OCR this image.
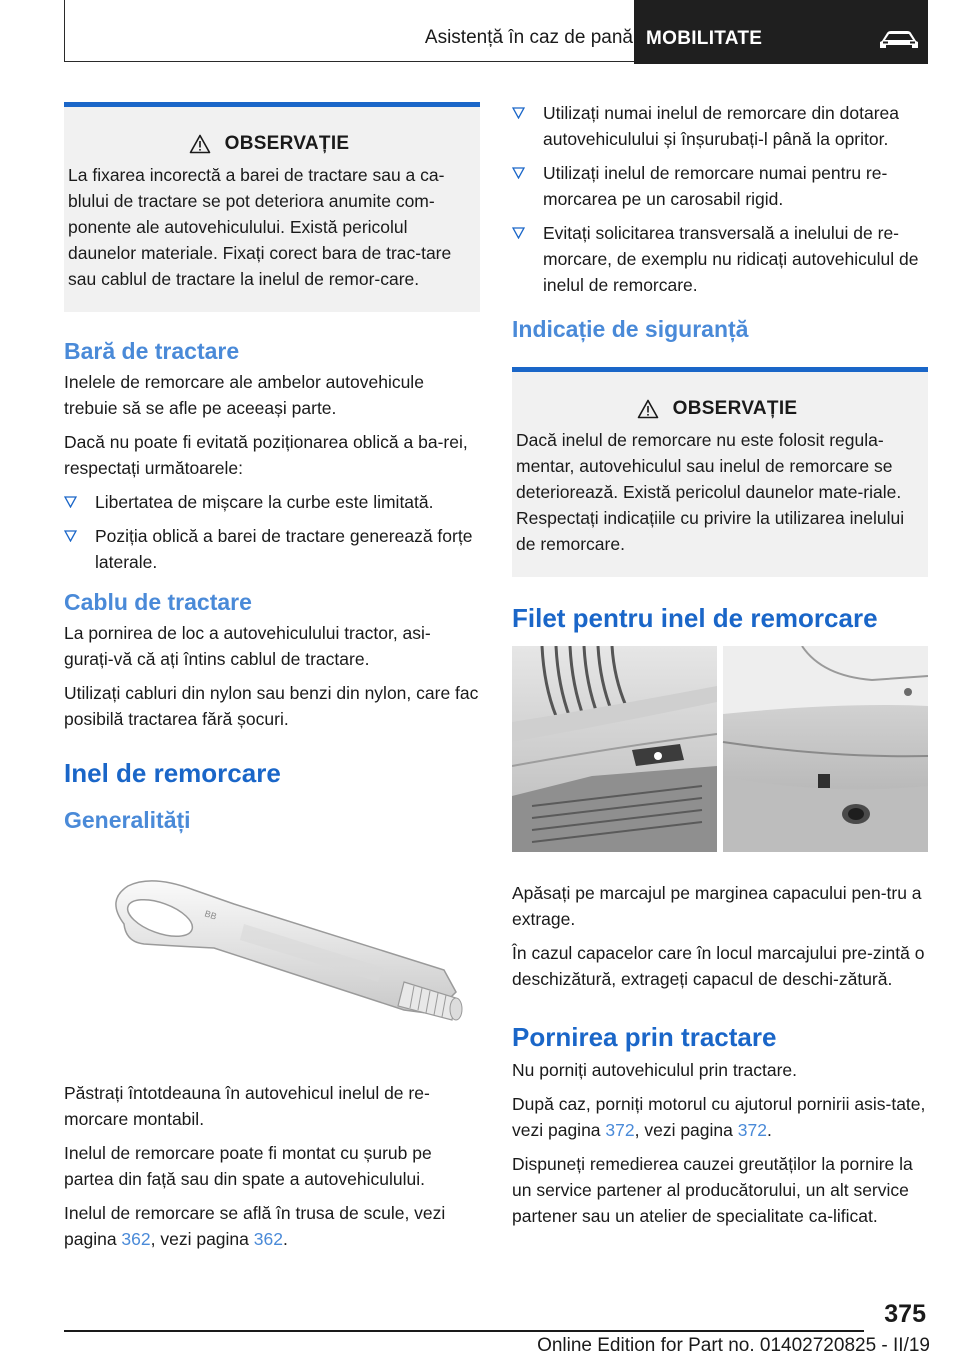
Asistență în caz de pană MOBILITATE
OBSERVAȚIE

La fixarea incorectă a barei de tractare sau a ca-blului de tractare se pot deteriora anumite com-ponente ale autovehiculului. Există pericolul daunelor materiale. Fixați corect bara de trac-tare sau cablul de tractare la inelul de remor-care.

Bară de tractare

Inelele de remorcare ale ambelor autovehicule trebuie să se afle pe aceeași parte.

Dacă nu poate fi evitată poziționarea oblică a ba-rei, respectați următoarele:

Libertatea de mișcare la curbe este limitată.
Poziția oblică a barei de tractare generează forțe laterale.
Cablu de tractare

La pornirea de loc a autovehiculului tractor, asi-gurați-vă că ați întins cablul de tractare.

Utilizați cabluri din nylon sau benzi din nylon, care fac posibilă tractarea fără șocuri.

Inel de remorcare
Generalități
BB

Păstrați întotdeauna în autovehicul inelul de re-morcare montabil.

Inelul de remorcare poate fi montat cu șurub pe partea din față sau din spate a autovehiculului.

Inelul de remorcare se află în trusa de scule, vezi pagina 362, vezi pagina 362.

Utilizați numai inelul de remorcare din dotarea autovehiculului și înșurubați-l până la opritor.
Utilizați inelul de remorcare numai pentru re-morcarea pe un carosabil rigid.
Evitați solicitarea transversală a inelului de re-morcare, de exemplu nu ridicați autovehiculul de inelul de remorcare.
Indicație de siguranță
OBSERVAȚIE

Dacă inelul de remorcare nu este folosit regula-mentar, autovehiculul sau inelul de remorcare se deteriorează. Există pericolul daunelor mate-riale. Respectați indicațiile cu privire la utilizarea inelului de remorcare.

Filet pentru inel de remorcare

Apăsați pe marcajul pe marginea capacului pen-tru a extrage.

În cazul capacelor care în locul marcajului pre-zintă o deschizătură, extrageți capacul de deschi-zătură.

Pornirea prin tractare

Nu porniți autovehiculul prin tractare.

După caz, porniți motorul cu ajutorul pornirii asis-tate, vezi pagina 372, vezi pagina 372.

Dispuneți remedierea cauzei greutăților la pornire la un service partener al producătorului, un alt service partener sau un atelier de specialitate ca-lificat.

375
Online Edition for Part no. 01402720825 - II/19
